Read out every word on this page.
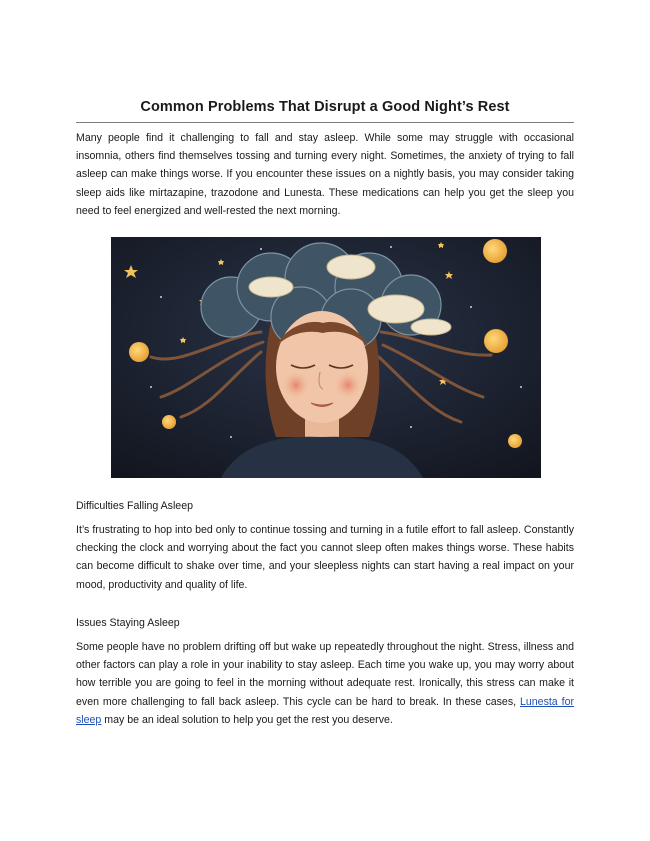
Common Problems That Disrupt a Good Night’s Rest

Many people find it challenging to fall and stay asleep. While some may struggle with occasional insomnia, others find themselves tossing and turning every night. Sometimes, the anxiety of trying to fall asleep can make things worse. If you encounter these issues on a nightly basis, you may consider taking sleep aids like mirtazapine, trazodone and Lunesta. These medications can help you get the sleep you need to feel energized and well-rested the next morning.

Difficulties Falling Asleep

It’s frustrating to hop into bed only to continue tossing and turning in a futile effort to fall asleep. Constantly checking the clock and worrying about the fact you cannot sleep often makes things worse. These habits can become difficult to shake over time, and your sleepless nights can start having a real impact on your mood, productivity and quality of life.

Issues Staying Asleep

Some people have no problem drifting off but wake up repeatedly throughout the night. Stress, illness and other factors can play a role in your inability to stay asleep. Each time you wake up, you may worry about how terrible you are going to feel in the morning without adequate rest. Ironically, this stress can make it even more challenging to fall back asleep. This cycle can be hard to break. In these cases, Lunesta for sleep may be an ideal solution to help you get the rest you deserve.
